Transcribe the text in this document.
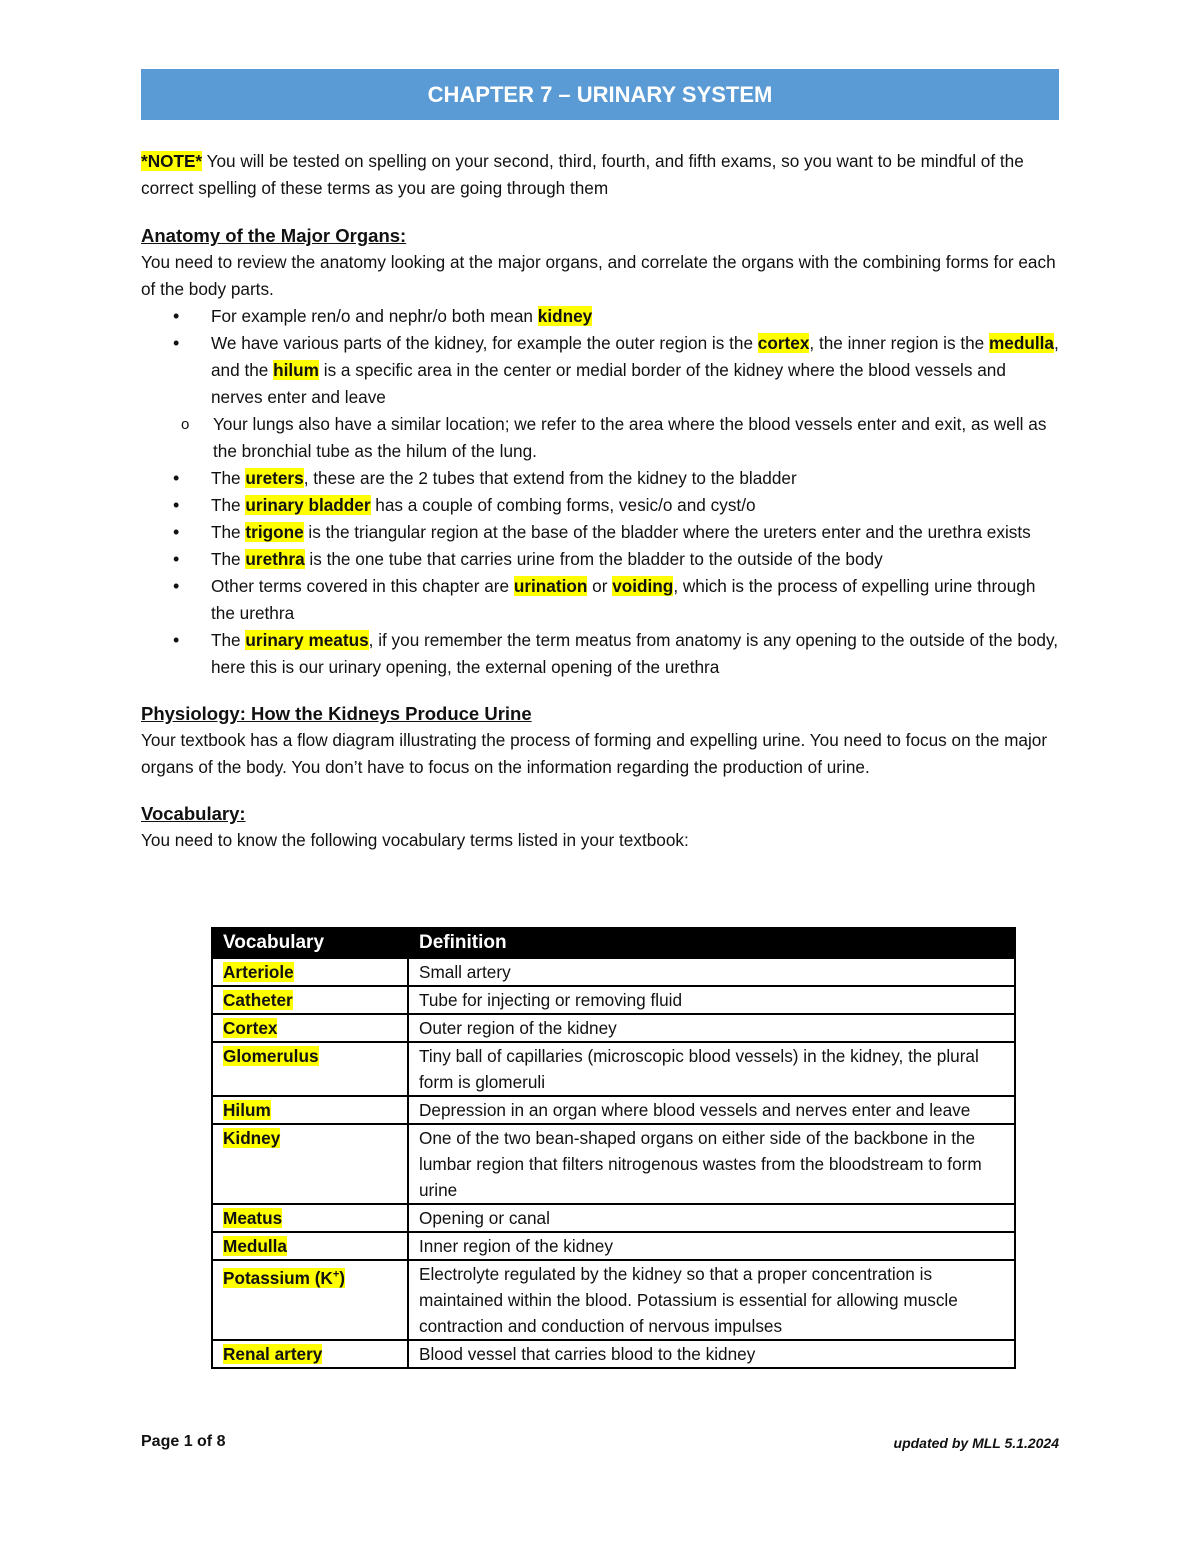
CHAPTER 7 – URINARY SYSTEM

*NOTE* You will be tested on spelling on your second, third, fourth, and fifth exams, so you want to be mindful of the correct spelling of these terms as you are going through them

Anatomy of the Major Organs:

You need to review the anatomy looking at the major organs, and correlate the organs with the combining forms for each of the body parts.

• For example ren/o and nephr/o both mean kidney
• We have various parts of the kidney, for example the outer region is the cortex, the inner region is the medulla, and the hilum is a specific area in the center or medial border of the kidney where the blood vessels and nerves enter and leave
o Your lungs also have a similar location; we refer to the area where the blood vessels enter and exit, as well as the bronchial tube as the hilum of the lung.
• The ureters, these are the 2 tubes that extend from the kidney to the bladder
• The urinary bladder has a couple of combing forms, vesic/o and cyst/o
• The trigone is the triangular region at the base of the bladder where the ureters enter and the urethra exists
• The urethra is the one tube that carries urine from the bladder to the outside of the body
• Other terms covered in this chapter are urination or voiding, which is the process of expelling urine through the urethra
• The urinary meatus, if you remember the term meatus from anatomy is any opening to the outside of the body, here this is our urinary opening, the external opening of the urethra

Physiology: How the Kidneys Produce Urine

Your textbook has a flow diagram illustrating the process of forming and expelling urine. You need to focus on the major organs of the body. You don’t have to focus on the information regarding the production of urine.

Vocabulary:

You need to know the following vocabulary terms listed in your textbook:

Vocabulary	Definition
Arteriole	Small artery
Catheter	Tube for injecting or removing fluid
Cortex	Outer region of the kidney
Glomerulus	Tiny ball of capillaries (microscopic blood vessels) in the kidney, the plural form is glomeruli
Hilum	Depression in an organ where blood vessels and nerves enter and leave
Kidney	One of the two bean-shaped organs on either side of the backbone in the lumbar region that filters nitrogenous wastes from the bloodstream to form urine
Meatus	Opening or canal
Medulla	Inner region of the kidney
Potassium (K+)	Electrolyte regulated by the kidney so that a proper concentration is maintained within the blood. Potassium is essential for allowing muscle contraction and conduction of nervous impulses
Renal artery	Blood vessel that carries blood to the kidney
Page 1 of 8	updated by MLL 5.1.2024
